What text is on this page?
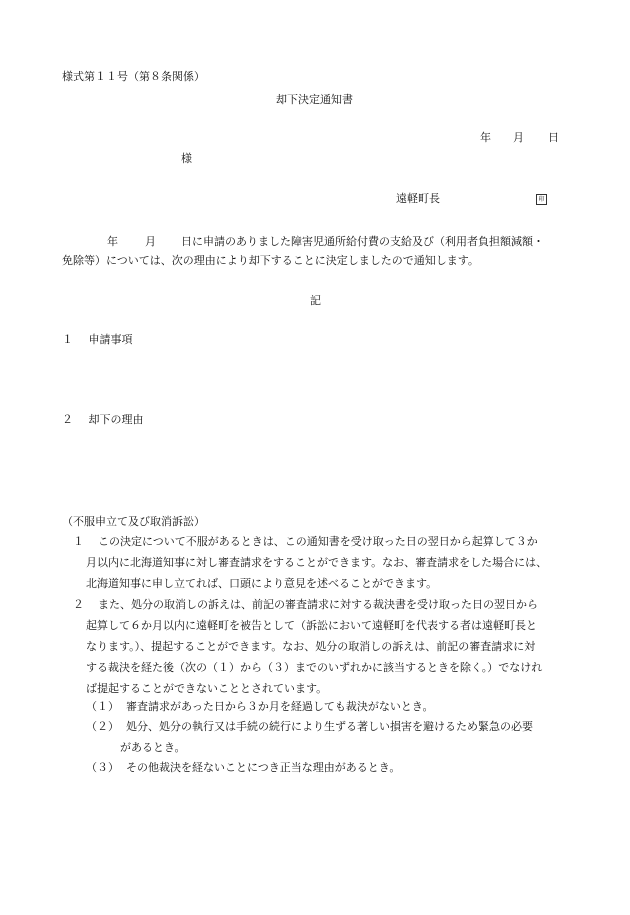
様式第１１号（第８条関係）
却下決定通知書
年 月 日
様
遠軽町長	印
年 月 日に申請のありました障害児通所給付費の支給及び（利用者負担額減額・
免除等）については、次の理由により却下することに決定しましたので通知します。
記
１ 申請事項
２ 却下の理由
（不服申立て及び取消訴訟）
１ この決定について不服があるときは、この通知書を受け取った日の翌日から起算して３か
月以内に北海道知事に対し審査請求をすることができます。なお、審査請求をした場合には、
北海道知事に申し立てれば、口頭により意見を述べることができます。
２ また、処分の取消しの訴えは、前記の審査請求に対する裁決書を受け取った日の翌日から
起算して６か月以内に遠軽町を被告として（訴訟において遠軽町を代表する者は遠軽町長と
なります。）、提起することができます。なお、処分の取消しの訴えは、前記の審査請求に対
する裁決を経た後（次の（１）から（３）までのいずれかに該当するときを除く。）でなけれ
ば提起することができないこととされています。
（１） 審査請求があった日から３か月を経過しても裁決がないとき。
（２） 処分、処分の執行又は手続の続行により生ずる著しい損害を避けるため緊急の必要
があるとき。
（３） その他裁決を経ないことにつき正当な理由があるとき。
